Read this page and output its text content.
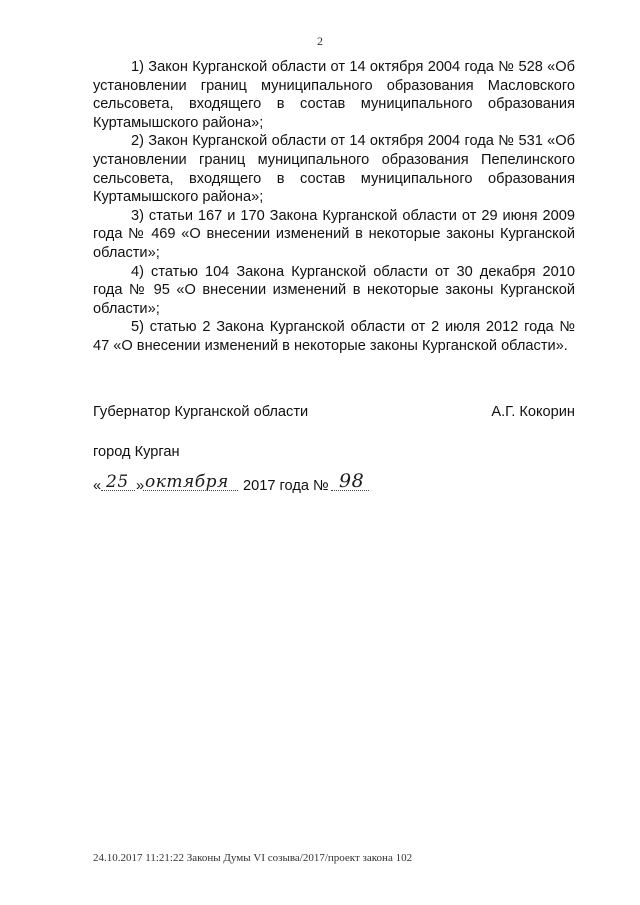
2

1) Закон Курганской области от 14 октября 2004 года № 528 «Об установлении границ муниципального образования Масловского сельсовета, входящего в состав муниципального образования Куртамышского района»;

2) Закон Курганской области от 14 октября 2004 года № 531 «Об установлении границ муниципального образования Пепелинского сельсовета, входящего в состав муниципального образования Куртамышского района»;

3) статьи 167 и 170 Закона Курганской области от 29 июня 2009 года № 469 «О внесении изменений в некоторые законы Курганской области»;

4) статью 104 Закона Курганской области от 30 декабря 2010 года № 95 «О внесении изменений в некоторые законы Курганской области»;

5) статью 2 Закона Курганской области от 2 июля 2012 года № 47 «О внесении изменений в некоторые законы Курганской области».

Губернатор Курганской области	А.Г. Кокорин
город Курган
« 25 » октября 2017 года № 98
24.10.2017 11:21:22 Законы Думы VI созыва/2017/проект закона 102
